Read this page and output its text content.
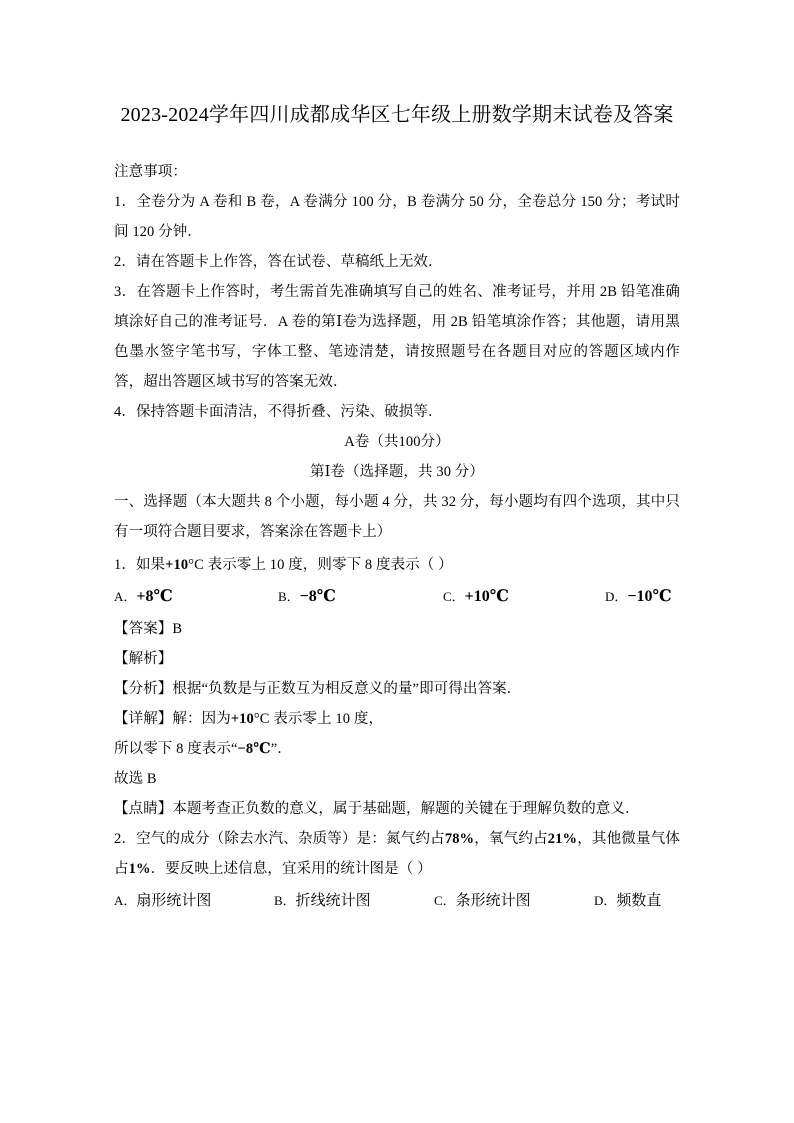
2023-2024学年四川成都成华区七年级上册数学期末试卷及答案

注意事项：

1．全卷分为 A 卷和 B 卷，A 卷满分 100 分，B 卷满分 50 分，全卷总分 150 分；考试时间 120 分钟．

2．请在答题卡上作答，答在试卷、草稿纸上无效．

3．在答题卡上作答时，考生需首先准确填写自己的姓名、准考证号，并用 2B 铅笔准确填涂好自己的准考证号．A 卷的第Ⅰ卷为选择题，用 2B 铅笔填涂作答；其他题，请用黑色墨水签字笔书写，字体工整、笔迹清楚，请按照题号在各题目对应的答题区域内作答，超出答题区域书写的答案无效．

4．保持答题卡面清洁，不得折叠、污染、破损等．

A卷（共100分）

第Ⅰ卷（选择题，共 30 分）

一、选择题（本大题共 8 个小题，每小题 4 分，共 32 分，每小题均有四个选项，其中只有一项符合题目要求，答案涂在答题卡上）

1．如果+10°C 表示零上 10 度，则零下 8 度表示（ ）

A．+8℃	B．−8℃	C．+10℃	D．−10℃

【答案】B

【解析】

【分析】根据“负数是与正数互为相反意义的量”即可得出答案．

【详解】解：因为+10°C 表示零上 10 度，

所以零下 8 度表示“−8℃”．

故选 B

【点睛】本题考查正负数的意义，属于基础题，解题的关键在于理解负数的意义．

2．空气的成分（除去水汽、杂质等）是：氮气约占78%，氧气约占21%，其他微量气体占1%．要反映上述信息，宜采用的统计图是（ ）

A．扇形统计图	B．折线统计图	C．条形统计图	D．频数直
